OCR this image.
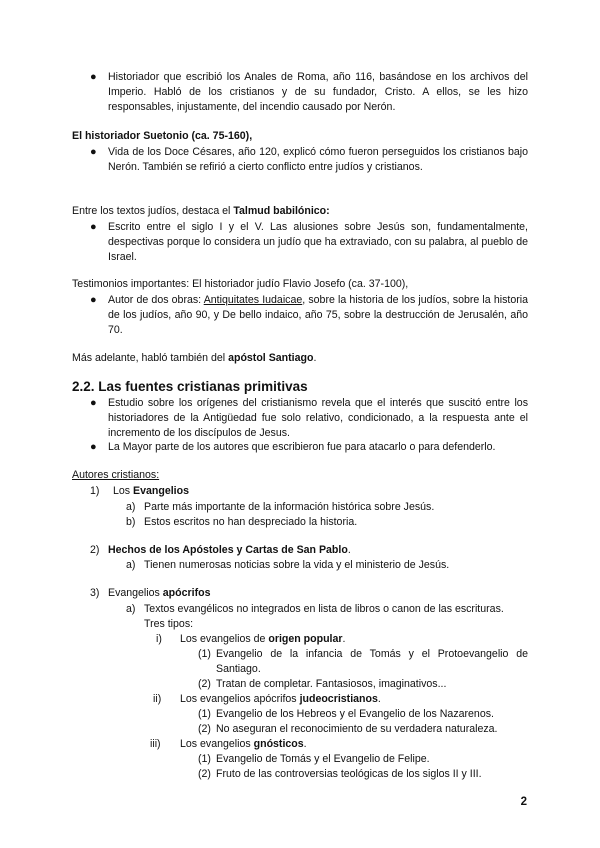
● Historiador que escribió los Anales de Roma, año 116, basándose en los archivos del Imperio. Habló de los cristianos y de su fundador, Cristo. A ellos, se les hizo responsables, injustamente, del incendio causado por Nerón.
El historiador Suetonio (ca. 75-160),
● Vida de los Doce Césares, año 120, explicó cómo fueron perseguidos los cristianos bajo Nerón. También se refirió a cierto conflicto entre judíos y cristianos.
Entre los textos judíos, destaca el Talmud babilónico:
● Escrito entre el siglo I y el V. Las alusiones sobre Jesús son, fundamentalmente, despectivas porque lo considera un judío que ha extraviado, con su palabra, al pueblo de Israel.
Testimonios importantes: El historiador judío Flavio Josefo (ca. 37-100),
● Autor de dos obras: Antiquitates Iudaicae, sobre la historia de los judíos, sobre la historia de los judíos, año 90, y De bello indaico, año 75, sobre la destrucción de Jerusalén, año 70.
Más adelante, habló también del apóstol Santiago.
2.2. Las fuentes cristianas primitivas
● Estudio sobre los orígenes del cristianismo revela que el interés que suscitó entre los historiadores de la Antigüedad fue solo relativo, condicionado, a la respuesta ante el incremento de los discípulos de Jesus.
● La Mayor parte de los autores que escribieron fue para atacarlo o para defenderlo.
Autores cristianos:
1) Los Evangelios
a) Parte más importante de la información histórica sobre Jesús.
b) Estos escritos no han despreciado la historia.
2) Hechos de los Apóstoles y Cartas de San Pablo.
a) Tienen numerosas noticias sobre la vida y el ministerio de Jesús.
3) Evangelios apócrifos
a) Textos evangélicos no integrados en lista de libros o canon de las escrituras.
Tres tipos:
i) Los evangelios de origen popular.
(1) Evangelio de la infancia de Tomás y el Protoevangelio de Santiago.
(2) Tratan de completar. Fantasiosos, imaginativos...
ii) Los evangelios apócrifos judeocristianos.
(1) Evangelio de los Hebreos y el Evangelio de los Nazarenos.
(2) No aseguran el reconocimiento de su verdadera naturaleza.
iii) Los evangelios gnósticos.
(1) Evangelio de Tomás y el Evangelio de Felipe.
(2) Fruto de las controversias teológicas de los siglos II y III.
2
